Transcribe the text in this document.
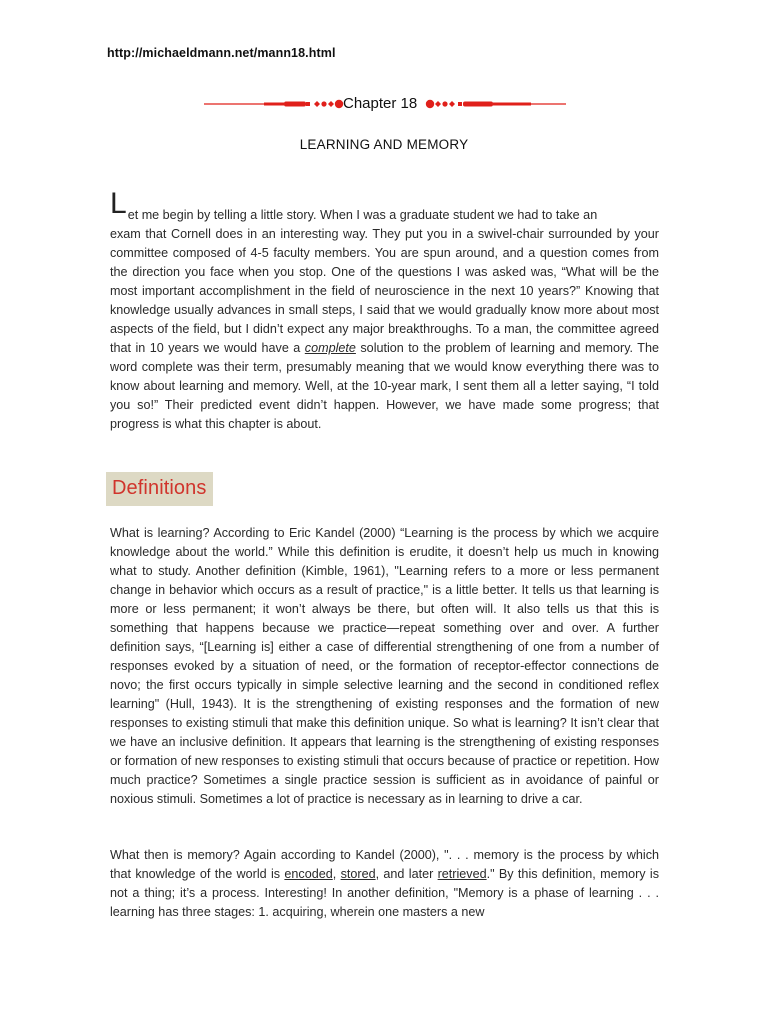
http://michaeldmann.net/mann18.html
Chapter 18
LEARNING AND MEMORY

Let me begin by telling a little story. When I was a graduate student we had to take an
exam that Cornell does in an interesting way. They put you in a swivel-chair surrounded by your committee composed of 4-5 faculty members. You are spun around, and a question comes from the direction you face when you stop. One of the questions I was asked was, “What will be the most important accomplishment in the field of neuroscience in the next 10 years?” Knowing that knowledge usually advances in small steps, I said that we would gradually know more about most aspects of the field, but I didn’t expect any major breakthroughs. To a man, the committee agreed that in 10 years we would have a complete solution to the problem of learning and memory. The word complete was their term, presumably meaning that we would know everything there was to know about learning and memory. Well, at the 10-year mark, I sent them all a letter saying, “I told you so!” Their predicted event didn’t happen. However, we have made some progress; that progress is what this chapter is about.

Definitions

What is learning? According to Eric Kandel (2000) “Learning is the process by which we acquire knowledge about the world.” While this definition is erudite, it doesn’t help us much in knowing what to study. Another definition (Kimble, 1961), "Learning refers to a more or less permanent change in behavior which occurs as a result of practice," is a little better. It tells us that learning is more or less permanent; it won’t always be there, but often will. It also tells us that this is something that happens because we practice—repeat something over and over. A further definition says, “[Learning is] either a case of differential strengthening of one from a number of responses evoked by a situation of need, or the formation of receptor-effector connections de novo; the first occurs typically in simple selective learning and the second in conditioned reflex learning" (Hull, 1943). It is the strengthening of existing responses and the formation of new responses to existing stimuli that make this definition unique. So what is learning? It isn’t clear that we have an inclusive definition. It appears that learning is the strengthening of existing responses or formation of new responses to existing stimuli that occurs because of practice or repetition. How much practice? Sometimes a single practice session is sufficient as in avoidance of painful or noxious stimuli. Sometimes a lot of practice is necessary as in learning to drive a car.

What then is memory? Again according to Kandel (2000), ". . . memory is the process by which that knowledge of the world is encoded, stored, and later retrieved." By this definition, memory is not a thing; it’s a process. Interesting! In another definition, "Memory is a phase of learning . . . learning has three stages: 1. acquiring, wherein one masters a new
